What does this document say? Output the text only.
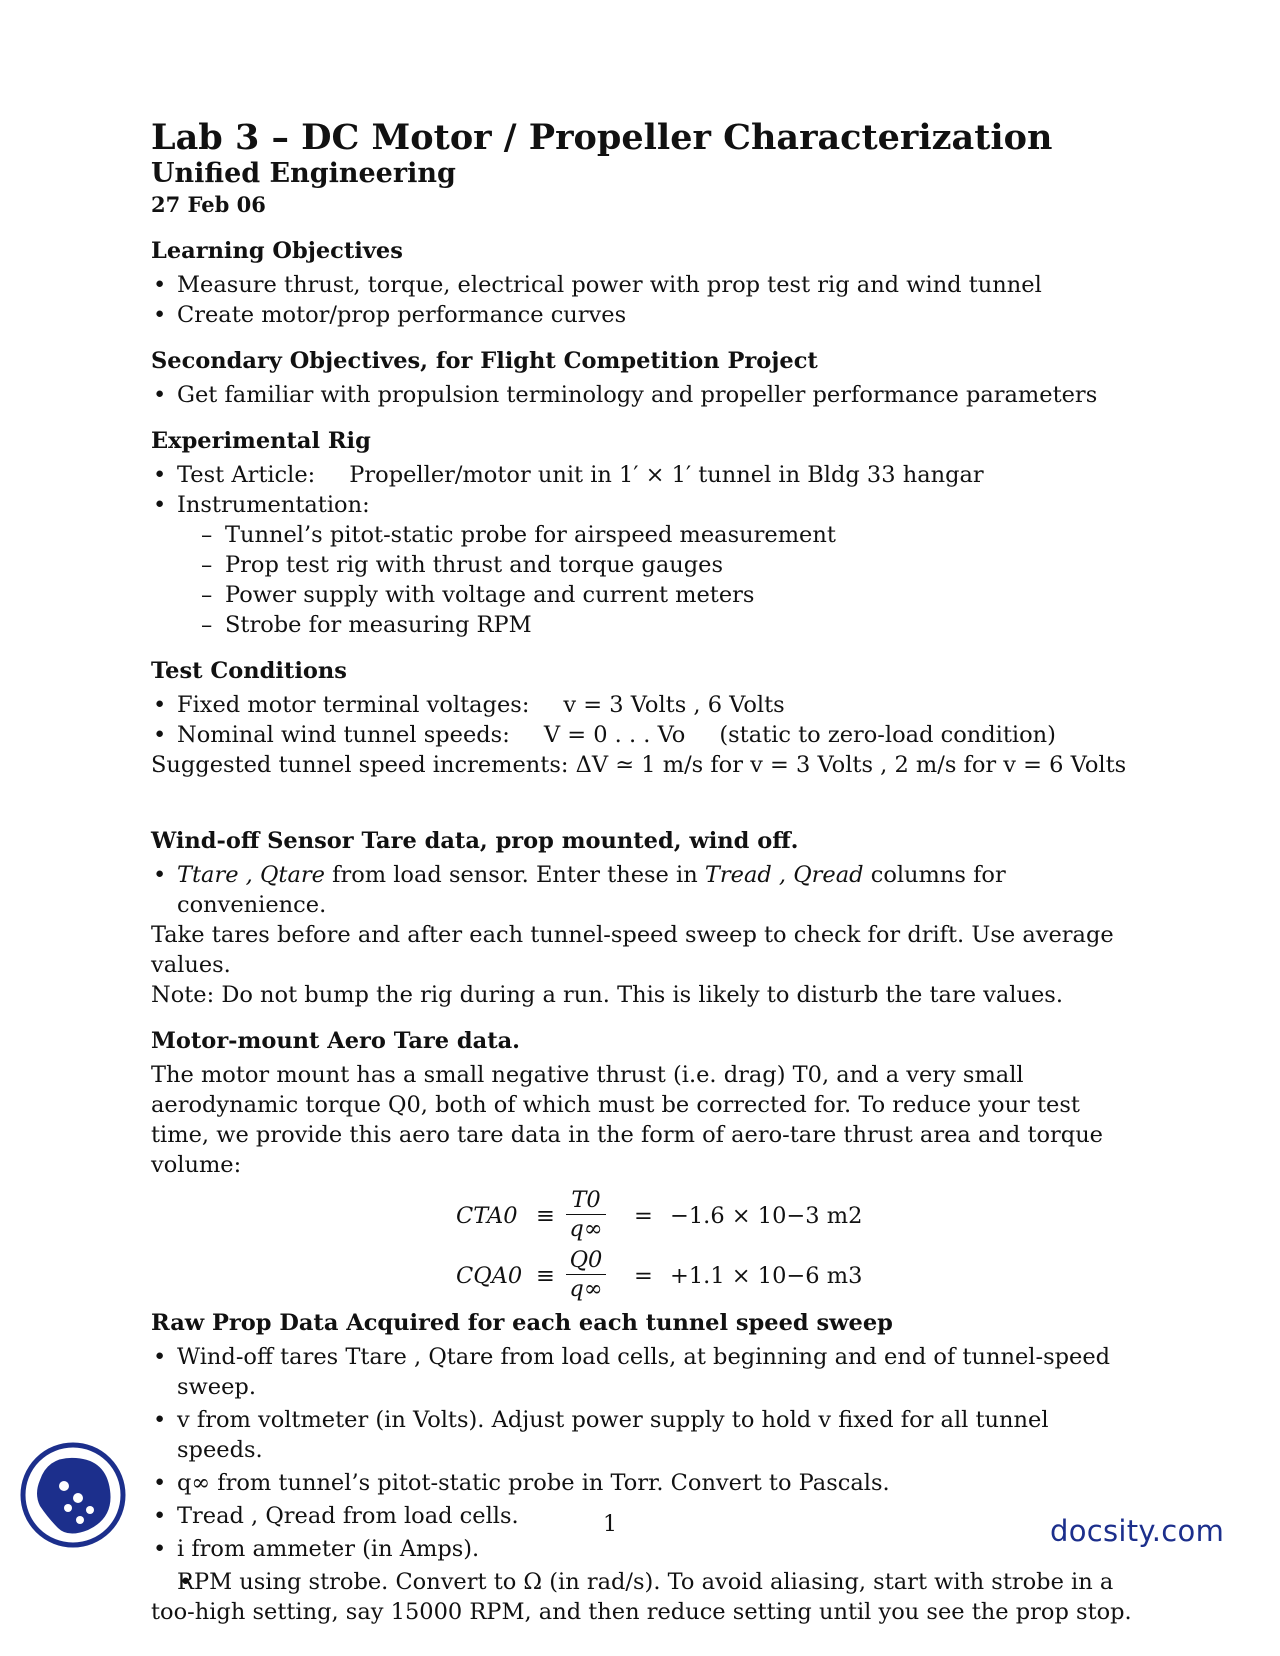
Lab 3 – DC Motor / Propeller Characterization
Unified Engineering
27 Feb 06
Learning Objectives
• Measure thrust, torque, electrical power with prop test rig and wind tunnel
• Create motor/prop performance curves
Secondary Objectives, for Flight Competition Project
• Get familiar with propulsion terminology and propeller performance parameters
Experimental Rig
• Test Article: Propeller/motor unit in 1′ × 1′ tunnel in Bldg 33 hangar
• Instrumentation:
– Tunnel’s pitot-static probe for airspeed measurement
– Prop test rig with thrust and torque gauges
– Power supply with voltage and current meters
– Strobe for measuring RPM
Test Conditions
• Fixed motor terminal voltages: v = 3 Volts , 6 Volts
• Nominal wind tunnel speeds: V = 0 . . . Vo (static to zero-load condition)

Suggested tunnel speed increments: ΔV ≃ 1 m/s for v = 3 Volts , 2 m/s for v = 6 Volts

Wind-off Sensor Tare data, prop mounted, wind off.
• Ttare , Qtare from load sensor. Enter these in Tread , Qread columns for convenience.

Take tares before and after each tunnel-speed sweep to check for drift. Use average values.

Note: Do not bump the rig during a run. This is likely to disturb the tare values.

Motor-mount Aero Tare data.

The motor mount has a small negative thrust (i.e. drag) T0, and a very small aerodynamic torque Q0, both of which must be corrected for. To reduce your test time, we provide this aero tare data in the form of aero-tare thrust area and torque volume:

CTA0 ≡
T0
q∞ = −1.6 × 10−3 m2
CQA0 ≡
Q0
q∞ = +1.1 × 10−6 m3
Raw Prop Data Acquired for each each tunnel speed sweep
• Wind-off tares Ttare , Qtare from load cells, at beginning and end of tunnel-speed sweep.
• v from voltmeter (in Volts). Adjust power supply to hold v fixed for all tunnel speeds.
• q∞ from tunnel’s pitot-static probe in Torr. Convert to Pascals.
• Tread , Qread from load cells.
• i from ammeter (in Amps).
• RPM using strobe. Convert to Ω (in rad/s). To avoid aliasing, start with strobe in a too-high setting, say 15000 RPM, and then reduce setting until you see the prop stop.
1	docsity.com
